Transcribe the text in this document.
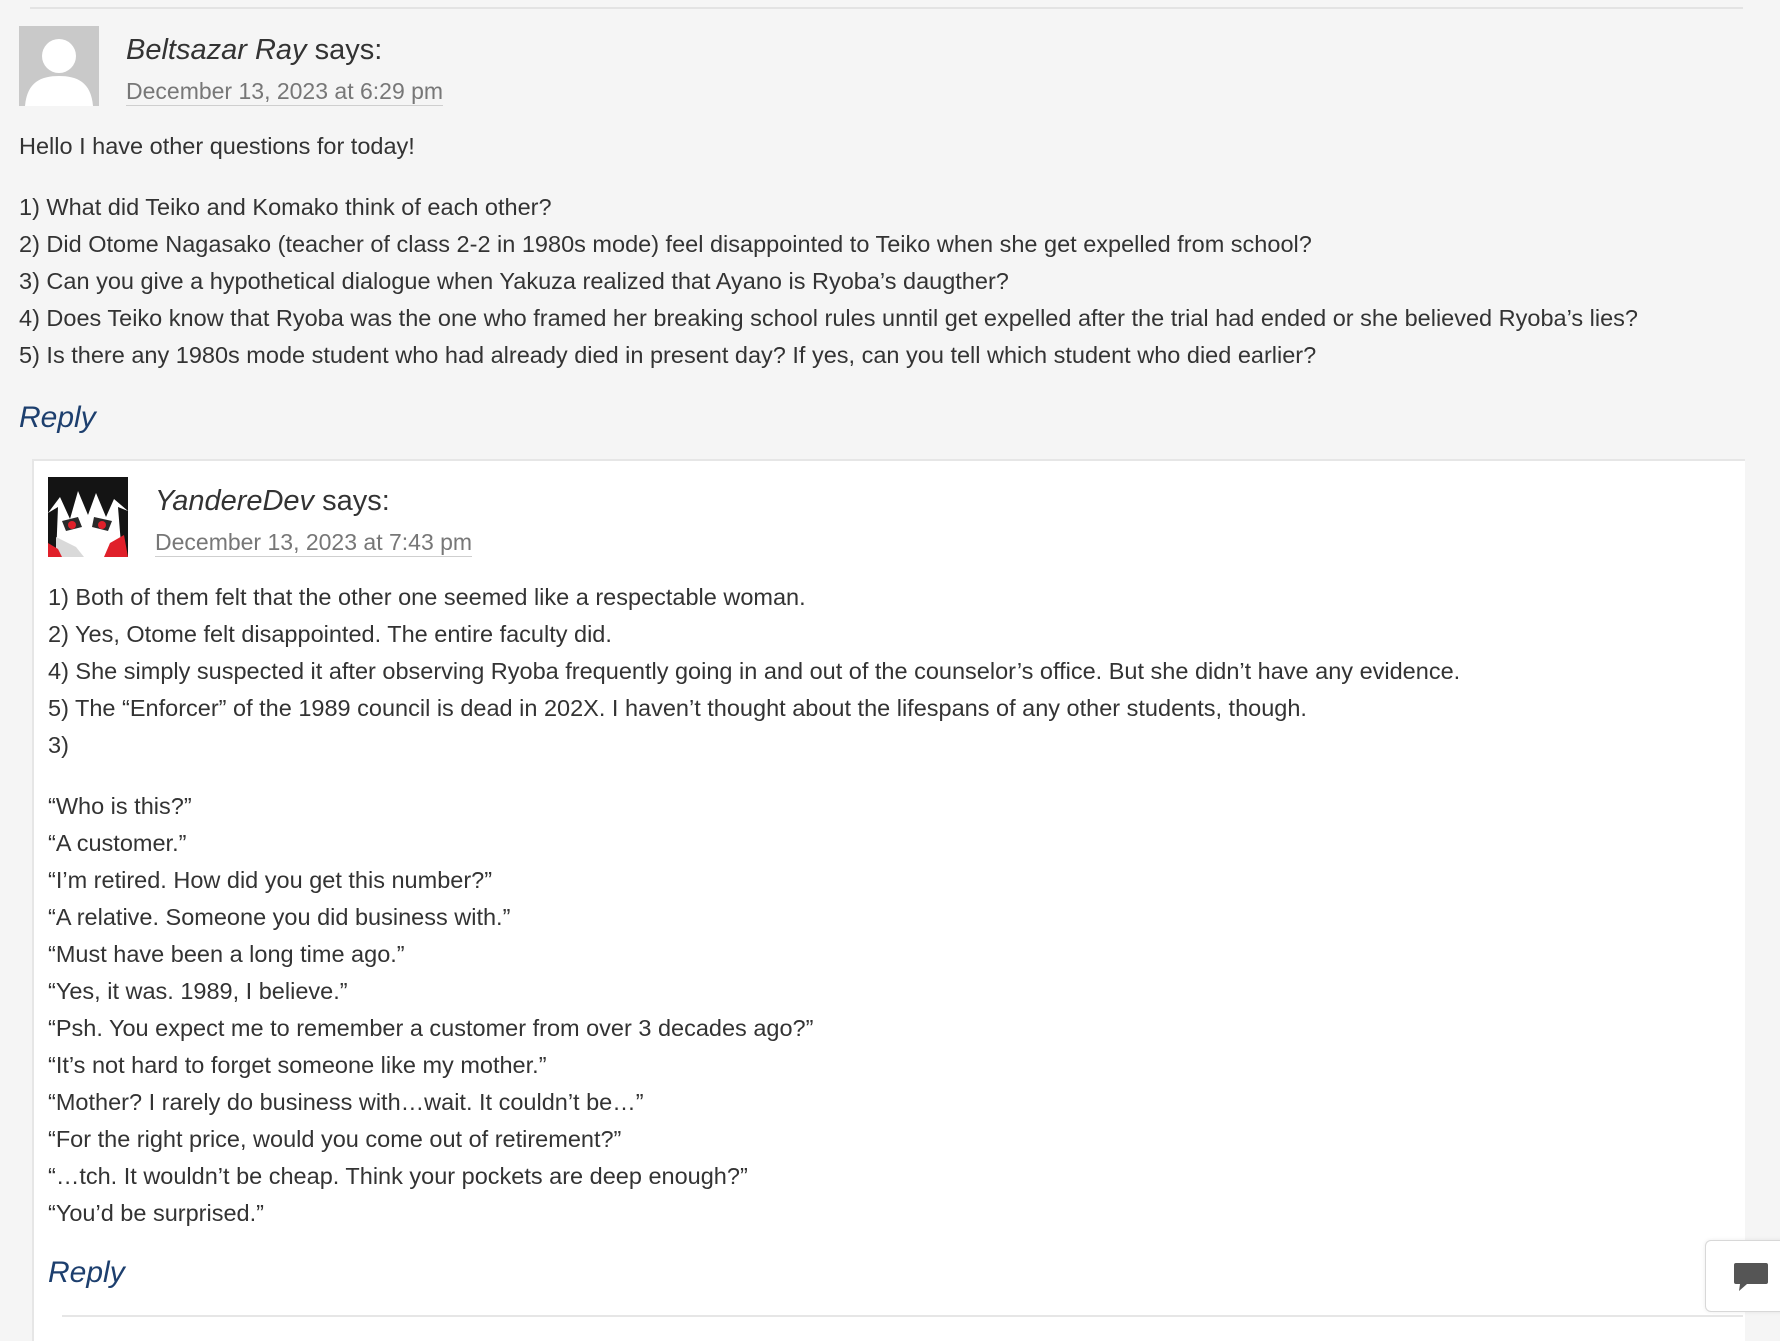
Beltsazar Ray says:
December 13, 2023 at 6:29 pm

Hello I have other questions for today!

1) What did Teiko and Komako think of each other?
2) Did Otome Nagasako (teacher of class 2-2 in 1980s mode) feel disappointed to Teiko when she get expelled from school?
3) Can you give a hypothetical dialogue when Yakuza realized that Ayano is Ryoba’s daugther?
4) Does Teiko know that Ryoba was the one who framed her breaking school rules unntil get expelled after the trial had ended or she believed Ryoba’s lies?
5) Is there any 1980s mode student who had already died in present day? If yes, can you tell which student who died earlier?

Reply
YandereDev says:
December 13, 2023 at 7:43 pm

1) Both of them felt that the other one seemed like a respectable woman.
2) Yes, Otome felt disappointed. The entire faculty did.
4) She simply suspected it after observing Ryoba frequently going in and out of the counselor’s office. But she didn’t have any evidence.
5) The “Enforcer” of the 1989 council is dead in 202X. I haven’t thought about the lifespans of any other students, though.
3)

“Who is this?”
“A customer.”
“I’m retired. How did you get this number?”
“A relative. Someone you did business with.”
“Must have been a long time ago.”
“Yes, it was. 1989, I believe.”
“Psh. You expect me to remember a customer from over 3 decades ago?”
“It’s not hard to forget someone like my mother.”
“Mother? I rarely do business with…wait. It couldn’t be…”
“For the right price, would you come out of retirement?”
“…tch. It wouldn’t be cheap. Think your pockets are deep enough?”
“You’d be surprised.”

Reply
